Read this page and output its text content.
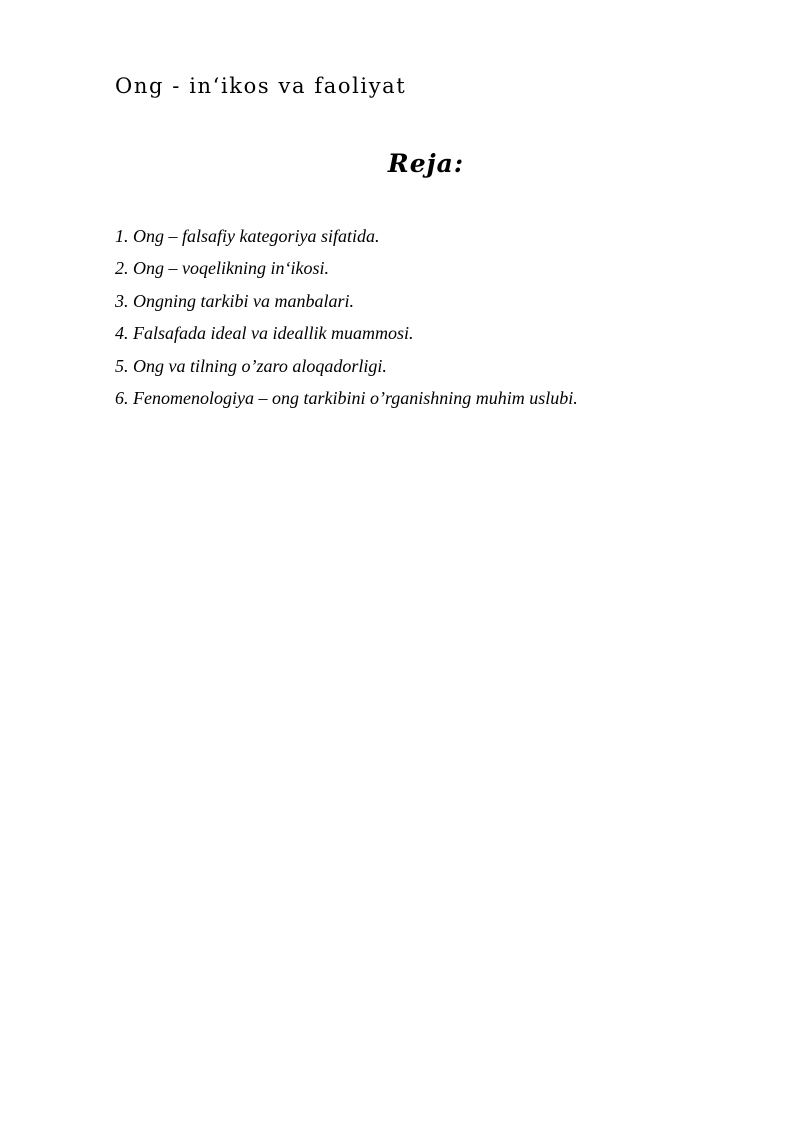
Ong - in‘ikos va faoliyat
Reja:
1. Ong – falsafiy kategoriya sifatida.
2. Ong – voqelikning in‘ikosi.
3. Ongning tarkibi va manbalari.
4. Falsafada ideal va ideallik muammosi.
5. Ong va tilning o’zaro aloqadorligi.
6. Fenomenologiya – ong tarkibini o’rganishning muhim uslubi.
